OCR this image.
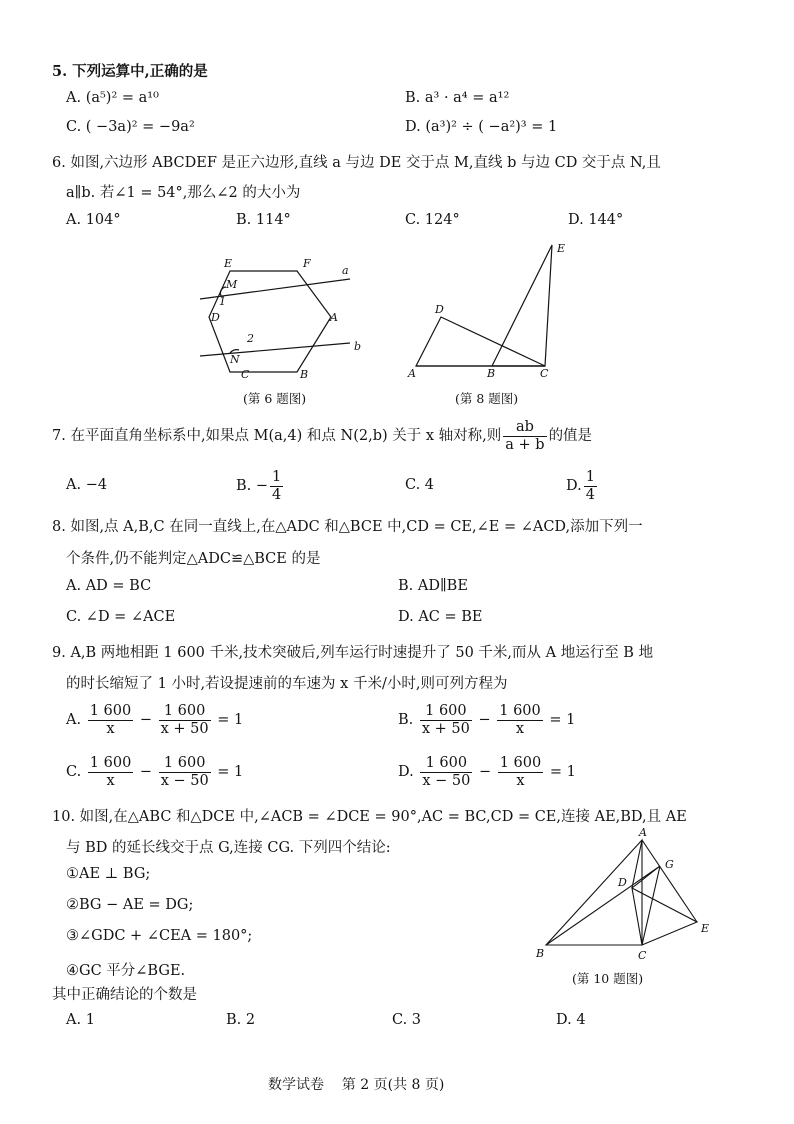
5. 下列运算中,正确的是
A. (a⁵)² = a¹⁰	B. a³ · a⁴ = a¹²
C. ( −3a)² = −9a²	D. (a³)² ÷ ( −a²)³ = 1
6. 如图,六边形 ABCDEF 是正六边形,直线 a 与边 DE 交于点 M,直线 b 与边 CD 交于点 N,且
a∥b. 若∠1 = 54°,那么∠2 的大小为
A. 104°	B. 114°	C. 124°	D. 144°
E	F
a
M
1
D	A
2
b
N
C	B
(第 6 题图)
E
D
A	B	C
(第 8 题图)
7. 在平面直角坐标系中,如果点 M(a,4) 和点 N(2,b) 关于 x 轴对称,则 $\frac{ab}{a + b}$ 的值是
A. −4	B. − $\frac{1}{4}$	C. 4	D. $\frac{1}{4}$
8. 如图,点 A,B,C 在同一直线上,在△ADC 和△BCE 中,CD = CE,∠E = ∠ACD,添加下列一
个条件,仍不能判定△ADC≌△BCE 的是
A. AD = BC	B. AD∥BE
C. ∠D = ∠ACE	D. AC = BE
9. A,B 两地相距 1 600 千米,技术突破后,列车运行时速提升了 50 千米,而从 A 地运行至 B 地
的时长缩短了 1 小时,若设提速前的车速为 x 千米/小时,则可列方程为
A. $\frac{1 600}{x} - \frac{1 600}{x + 50} = 1$	B. $\frac{1 600}{x + 50} - \frac{1 600}{x} = 1$
C. $\frac{1 600}{x} - \frac{1 600}{x - 50} = 1$	D. $\frac{1 600}{x - 50} - \frac{1 600}{x} = 1$
10. 如图,在△ABC 和△DCE 中,∠ACB = ∠DCE = 90°,AC = BC,CD = CE,连接 AE,BD,且 AE
与 BD 的延长线交于点 G,连接 CG. 下列四个结论:
①AE ⊥ BG;
②BG − AE = DG;
③∠GDC + ∠CEA = 180°;
④GC 平分∠BGE.
其中正确结论的个数是
A. 1	B. 2	C. 3	D. 4
A
G
D
E
B	C
(第 10 题图)
数学试卷    第 2 页(共 8 页)
